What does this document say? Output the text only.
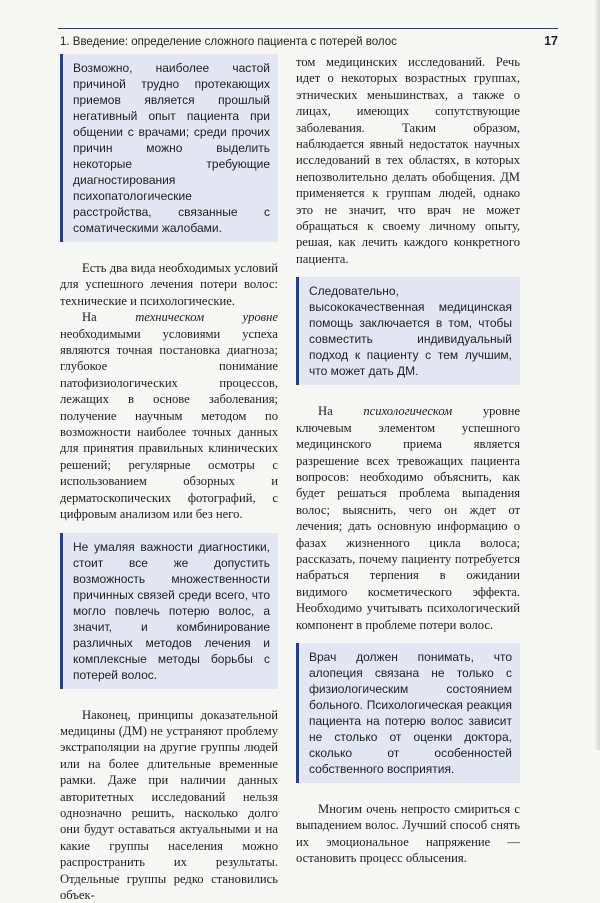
1. Введение: определение сложного пациента с потерей волос	17
Возможно, наиболее частой причиной трудно протекающих приемов является прошлый негативный опыт пациента при общении с врачами; среди прочих причин можно выделить некоторые требующие диагностирования психопатологические расстройства, связанные с соматическими жалобами.

Есть два вида необходимых условий для успешного лечения потери волос: технические и психологические.

На техническом уровне необходимыми условиями успеха являются точная постановка диагноза; глубокое понимание патофизиологических процессов, лежащих в основе заболевания; получение научным методом по возможности наиболее точных данных для принятия правильных клинических решений; регулярные осмотры с использованием обзорных и дерматоскопических фотографий, с цифровым анализом или без него.

Не умаляя важности диагностики, стоит все же допустить возможность множественности причинных связей среди всего, что могло повлечь потерю волос, а значит, и комбинирование различных методов лечения и комплексные методы борьбы с потерей волос.

Наконец, принципы доказательной медицины (ДМ) не устраняют проблему экстраполяции на другие группы людей или на более длительные временные рамки. Даже при наличии данных авторитетных исследований нельзя однозначно решить, насколько долго они будут оставаться актуальными и на какие группы населения можно распространить их результаты. Отдельные группы редко становились объек-

том медицинских исследований. Речь идет о некоторых возрастных группах, этнических меньшинствах, а также о лицах, имеющих сопутствующие заболевания. Таким образом, наблюдается явный недостаток научных исследований в тех областях, в которых непозволительно делать обобщения. ДМ применяется к группам людей, однако это не значит, что врач не может обращаться к своему личному опыту, решая, как лечить каждого конкретного пациента.

Следовательно, высококачественная медицинская помощь заключается в том, чтобы совместить индивидуальный подход к пациенту с тем лучшим, что может дать ДМ.

На психологическом уровне ключевым элементом успешного медицинского приема является разрешение всех тревожащих пациента вопросов: необходимо объяснить, как будет решаться проблема выпадения волос; выяснить, чего он ждет от лечения; дать основную информацию о фазах жизненного цикла волоса; рассказать, почему пациенту потребуется набраться терпения в ожидании видимого косметического эффекта. Необходимо учитывать психологический компонент в проблеме потери волос.

Врач должен понимать, что алопеция связана не только с физиологическим состоянием больного. Психологическая реакция пациента на потерю волос зависит не столько от оценки доктора, сколько от особенностей собственного восприятия.

Многим очень непросто смириться с выпадением волос. Лучший способ снять их эмоциональное напряжение — остановить процесс облысения.
